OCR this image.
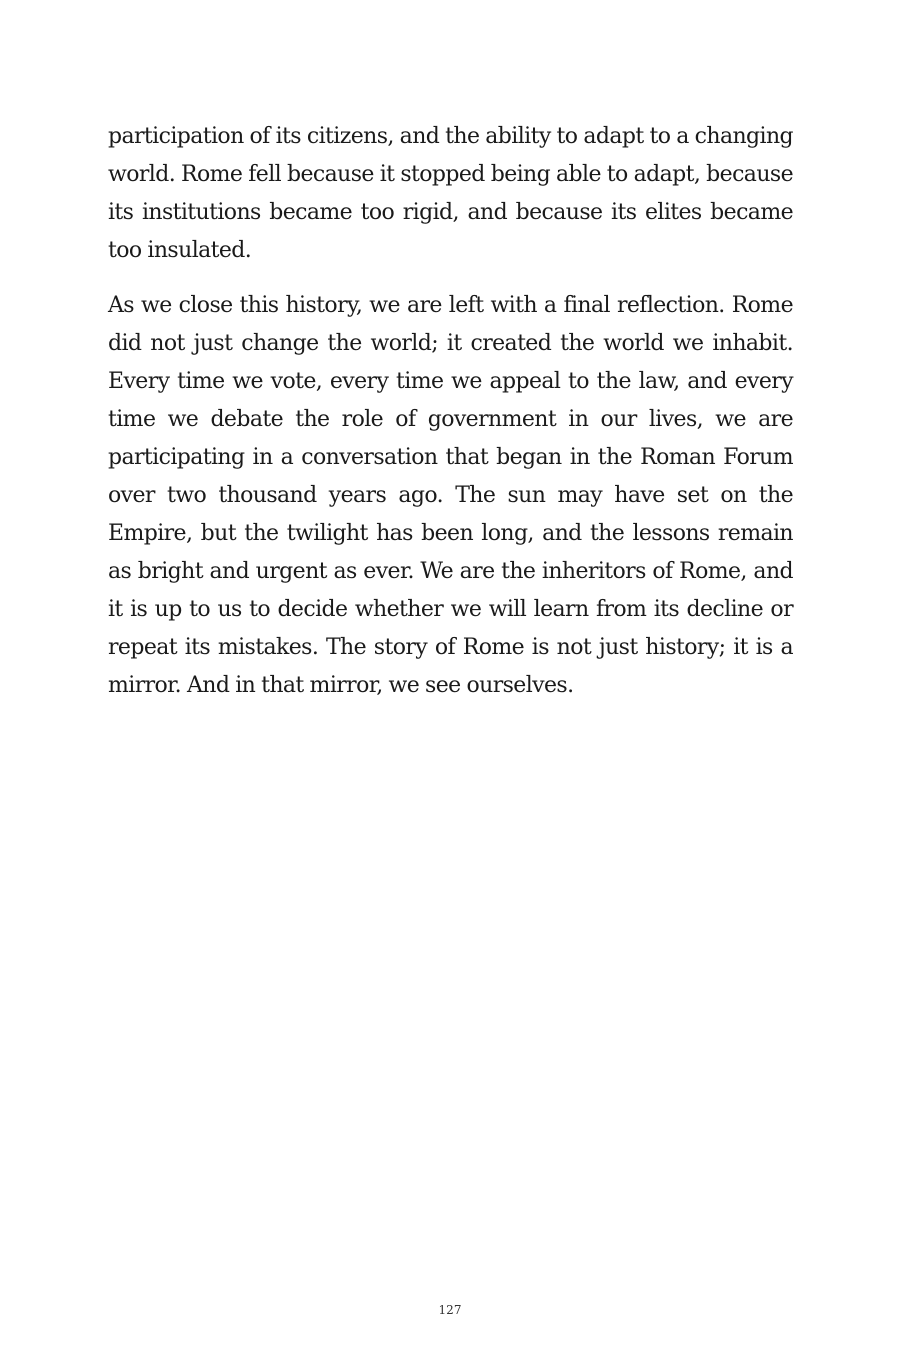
participation of its citizens, and the ability to adapt to a changing world. Rome fell because it stopped being able to adapt, because its institutions became too rigid, and because its elites became too insulated.

As we close this history, we are left with a final reflection. Rome did not just change the world; it created the world we inhabit. Every time we vote, every time we appeal to the law, and every time we debate the role of government in our lives, we are participating in a conversation that began in the Roman Forum over two thousand years ago. The sun may have set on the Empire, but the twilight has been long, and the lessons remain as bright and urgent as ever. We are the inheritors of Rome, and it is up to us to decide whether we will learn from its decline or repeat its mistakes. The story of Rome is not just history; it is a mirror. And in that mirror, we see ourselves.

127
